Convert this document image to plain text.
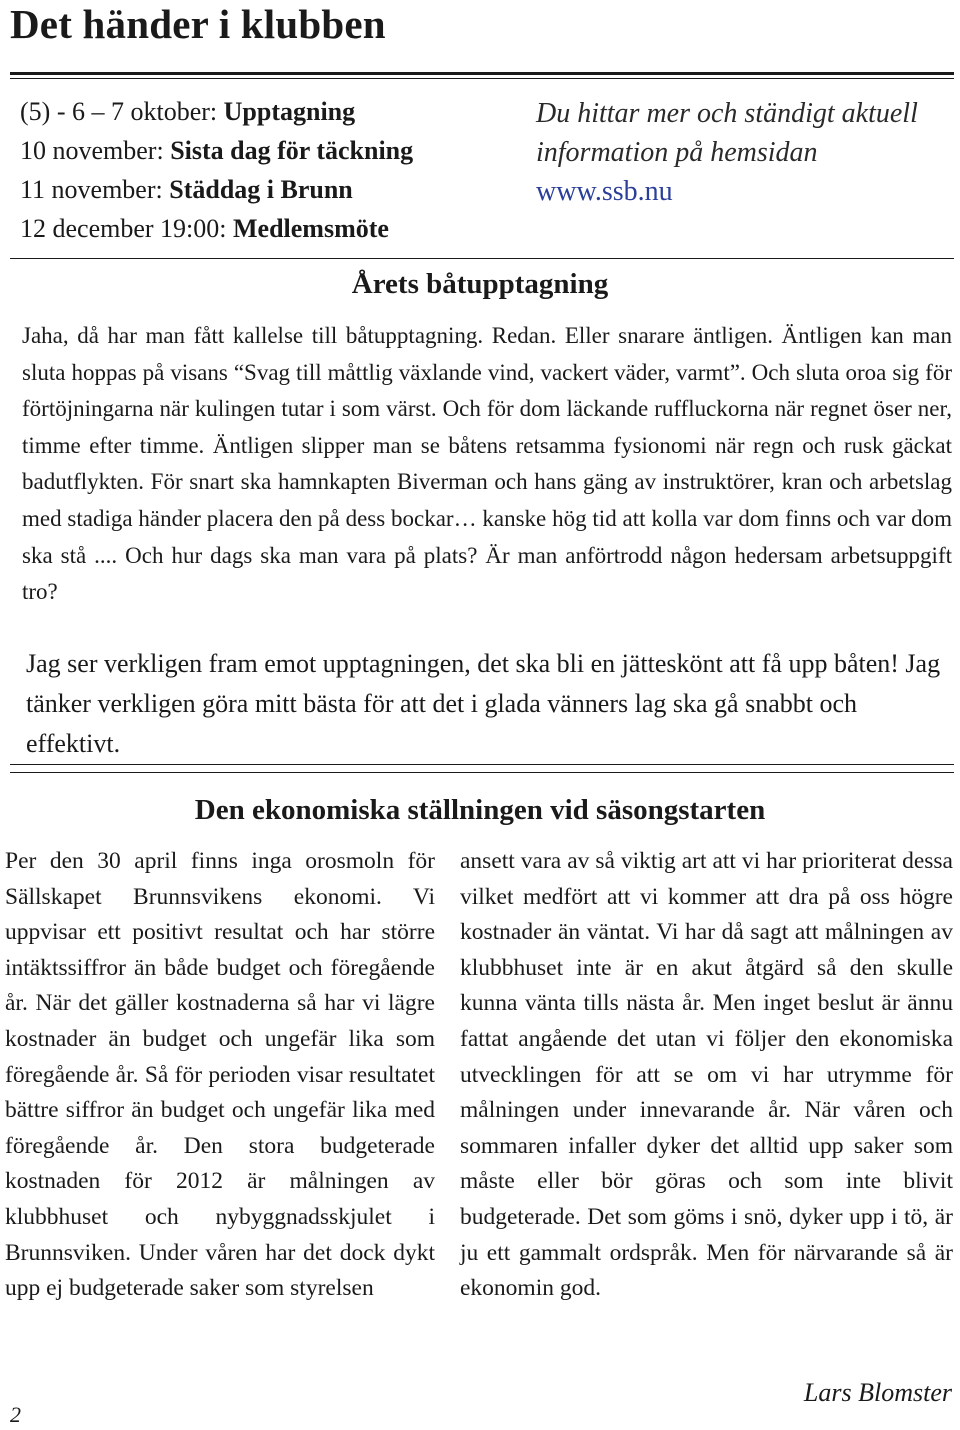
Det händer i klubben
(5) - 6 – 7 oktober: Upptagning
10 november: Sista dag för täckning
11 november: Städdag i Brunn
12 december 19:00: Medlemsmöte
Du hittar mer och ständigt aktuell information på hemsidan www.ssb.nu
Årets båtupptagning

Jaha, då har man fått kallelse till båtupptagning. Redan. Eller snarare äntligen. Äntligen kan man sluta hoppas på visans “Svag till måttlig växlande vind, vackert väder, varmt”. Och sluta oroa sig för förtöjningarna när kulingen tutar i som värst. Och för dom läckande ruffluckorna när regnet öser ner, timme efter timme. Äntligen slipper man se båtens retsamma fysionomi när regn och rusk gäckat badutflykten. För snart ska hamnkapten Biverman och hans gäng av instruktörer, kran och arbetslag med stadiga händer placera den på dess bockar… kanske hög tid att kolla var dom finns och var dom ska stå .... Och hur dags ska man vara på plats? Är man anförtrodd någon hedersam arbetsuppgift tro?

Jag ser verkligen fram emot upptagningen, det ska bli en jätteskönt att få upp båten! Jag tänker verkligen göra mitt bästa för att det i glada vänners lag ska gå snabbt och effektivt.

Den ekonomiska ställningen vid säsongstarten

Per den 30 april finns inga orosmoln för Sällskapet Brunnsvikens ekonomi. Vi uppvisar ett positivt resultat och har större intäktssiffror än både budget och föregående år. När det gäller kostnaderna så har vi lägre kostnader än budget och ungefär lika som föregående år. Så för perioden visar resultatet bättre siffror än budget och ungefär lika med föregående år. Den stora budgeterade kostnaden för 2012 är målningen av klubbhuset och nybyggnadsskjulet i Brunnsviken. Under våren har det dock dykt upp ej budgeterade saker som styrelsen

ansett vara av så viktig art att vi har prioriterat dessa vilket medfört att vi kommer att dra på oss högre kostnader än väntat. Vi har då sagt att målningen av klubbhuset inte är en akut åtgärd så den skulle kunna vänta tills nästa år. Men inget beslut är ännu fattat angående det utan vi följer den ekonomiska utvecklingen för att se om vi har utrymme för målningen under innevarande år. När våren och sommaren infaller dyker det alltid upp saker som måste eller bör göras och som inte blivit budgeterade. Det som göms i snö, dyker upp i tö, är ju ett gammalt ordspråk. Men för närvarande så är ekonomin god.

Lars Blomster
2
